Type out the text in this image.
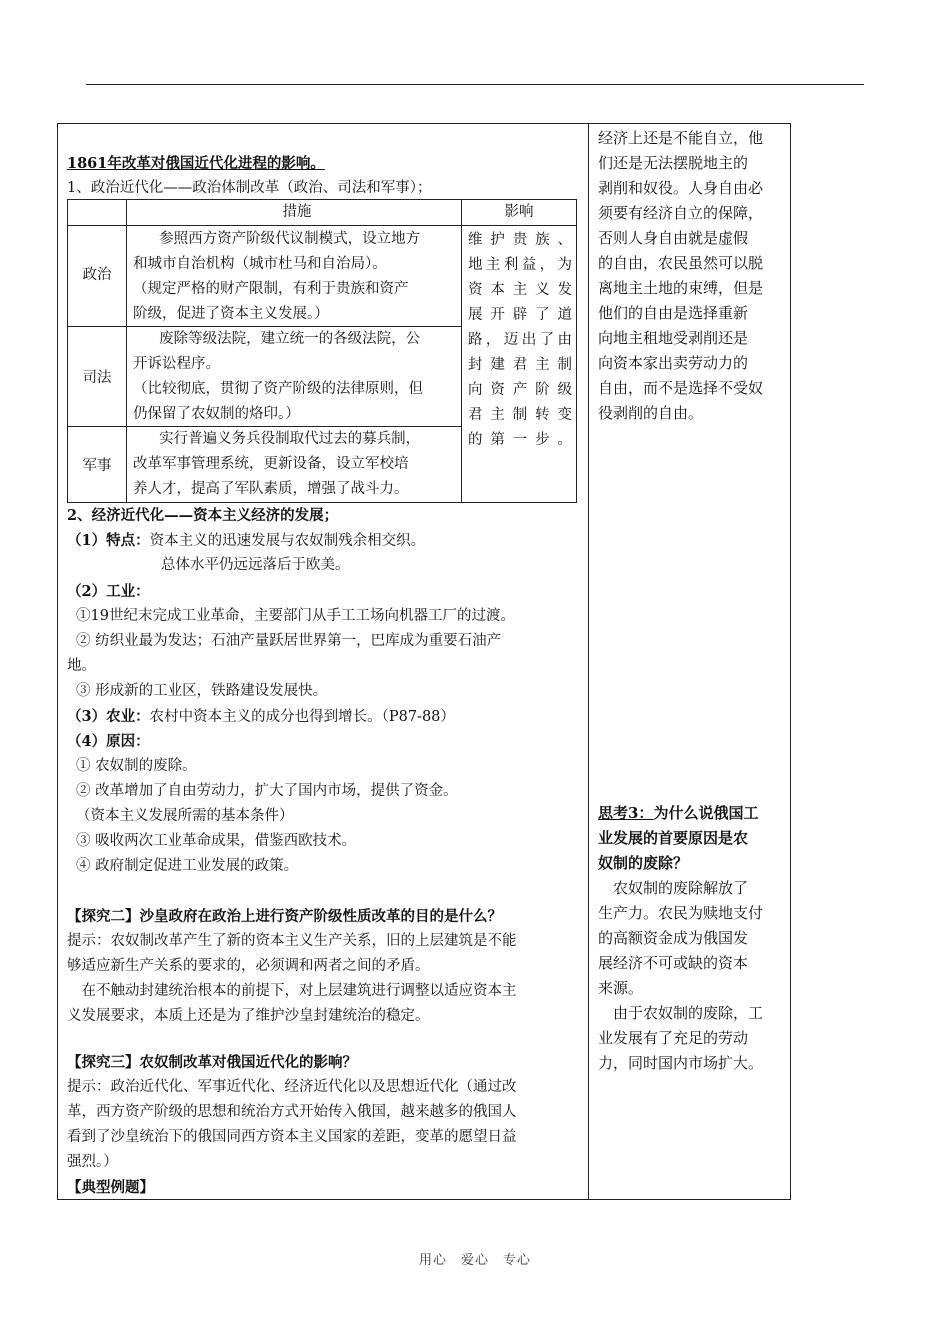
1861年改革对俄国近代化进程的影响。
1、政治近代化——政治体制改革（政治、司法和军事）；
措施	影响
政治
参照西方资产阶级代议制模式，设立地方
和城市自治机构（城市杜马和自治局）。
（规定严格的财产限制，有利于贵族和资产
阶级，促进了资本主义发展。）
司法
废除等级法院，建立统一的各级法院，公
开诉讼程序。
（比较彻底，贯彻了资产阶级的法律原则，但
仍保留了农奴制的烙印。）
军事
实行普遍义务兵役制取代过去的募兵制，
改革军事管理系统，更新设备，设立军校培
养人才，提高了军队素质，增强了战斗力。
维护贵族、
地主利益，为
资本主义发
展开辟了道
路，迈出了由
封建君主制
向资产阶级
君主制转变
的第一步。
2、经济近代化——资本主义经济的发展；
（1）特点：资本主义的迅速发展与农奴制残余相交织。
总体水平仍远远落后于欧美。
（2）工业：
①19世纪末完成工业革命，主要部门从手工工场向机器工厂的过渡。
② 纺织业最为发达；石油产量跃居世界第一，巴库成为重要石油产
地。
③ 形成新的工业区，铁路建设发展快。
（3）农业：农村中资本主义的成分也得到增长。（P87-88）
（4）原因：
① 农奴制的废除。
② 改革增加了自由劳动力，扩大了国内市场，提供了资金。
（资本主义发展所需的基本条件）
③ 吸收两次工业革命成果，借鉴西欧技术。
④ 政府制定促进工业发展的政策。
【探究二】沙皇政府在政治上进行资产阶级性质改革的目的是什么？
提示：农奴制改革产生了新的资本主义生产关系，旧的上层建筑是不能
够适应新生产关系的要求的，必须调和两者之间的矛盾。
　在不触动封建统治根本的前提下，对上层建筑进行调整以适应资本主
义发展要求，本质上还是为了维护沙皇封建统治的稳定。
【探究三】农奴制改革对俄国近代化的影响？
提示：政治近代化、军事近代化、经济近代化以及思想近代化（通过改
革，西方资产阶级的思想和统治方式开始传入俄国，越来越多的俄国人
看到了沙皇统治下的俄国同西方资本主义国家的差距，变革的愿望日益
强烈。）
【典型例题】
经济上还是不能自立，他
们还是无法摆脱地主的
剥削和奴役。人身自由必
须要有经济自立的保障，
否则人身自由就是虚假
的自由，农民虽然可以脱
离地主土地的束缚，但是
他们的自由是选择重新
向地主租地受剥削还是
向资本家出卖劳动力的
自由，而不是选择不受奴
役剥削的自由。
思考3：为什么说俄国工
业发展的首要原因是农
奴制的废除？
　农奴制的废除解放了
生产力。农民为赎地支付
的高额资金成为俄国发
展经济不可或缺的资本
来源。
　由于农奴制的废除，工
业发展有了充足的劳动
力，同时国内市场扩大。
用心　爱心　专心
